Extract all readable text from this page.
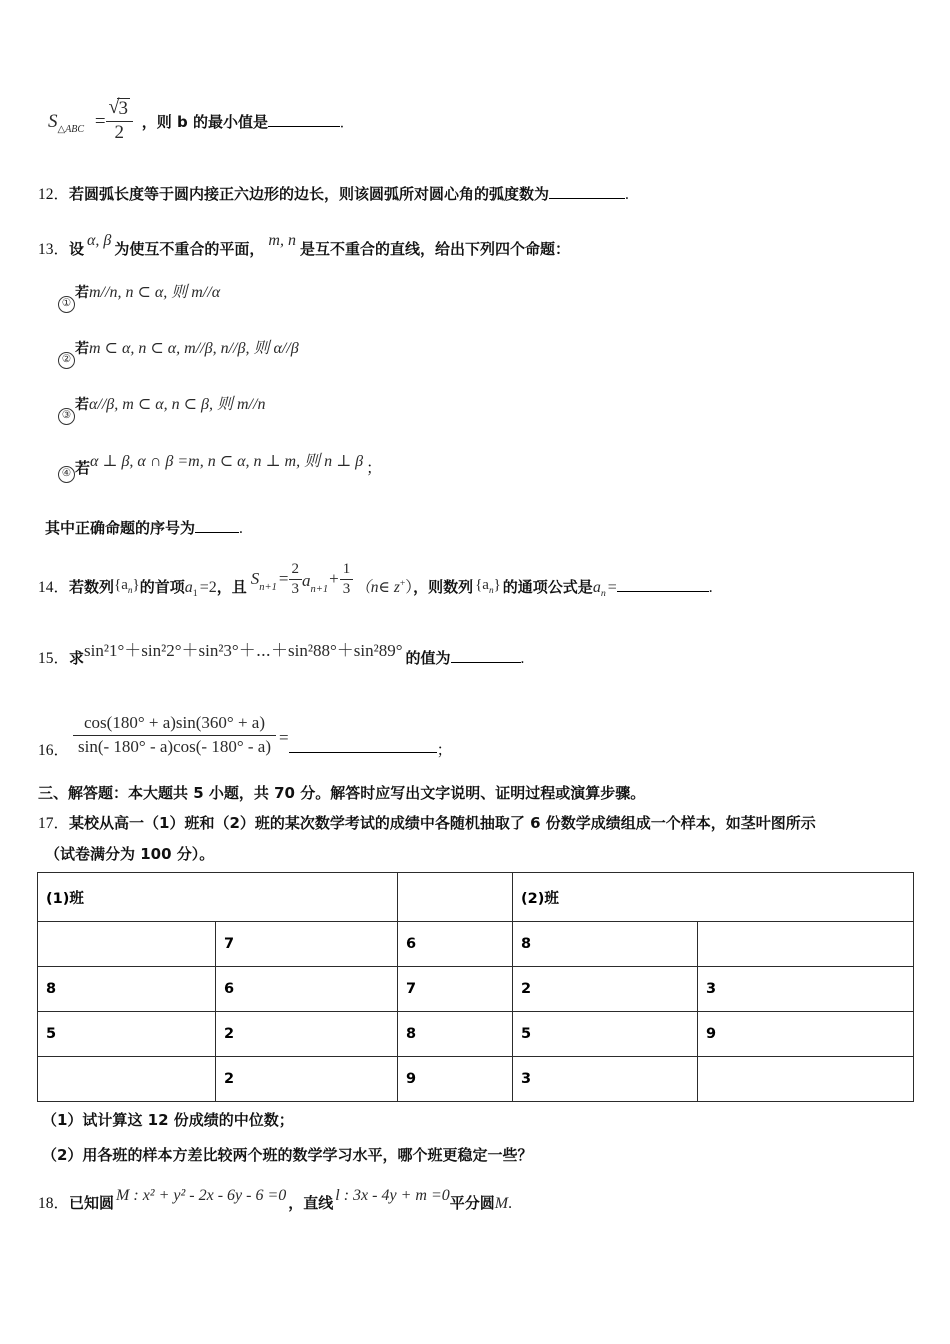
$S_{\triangle ABC}$ = √ $\frac{3}{2}$ ，则 b 的最小值是	.
12．若圆弧长度等于圆内接正六边形的边长，则该圆弧所对圆心角的弧度数为	.
13．设 α, β 为使互不重合的平面， m, n 是互不重合的直线，给出下列四个命题：
①若m//n, n ⊂ α, 则 m//α
②若m ⊂ α, n ⊂ α, m//β, n//β, 则 α//β
③若α//β, m ⊂ α, n ⊂ β, 则 m//n
④ 若α ⊥ β, α ∩ β =m, n ⊂ α, n ⊥ m, 则 n ⊥ β ；
其中正确命题的序号为	.
14．若数列$\{a_n\}$的首项$a_1 =2$，且 $S_{n+1} = \frac{2}{3} a_{n+1}+ \frac{1}{3}$ （n∈ z+），则数列 $\{a_n\}$ 的通项公式是$a_n$ =	.
15．求sin²1°＋sin²2°＋sin²3°＋⋯＋sin²88°＋sin²89° 的值为	.
16． $\frac{\cos(180^\circ + a)\sin(360^\circ + a)}{\sin(- 180^\circ - a)\cos(- 180^\circ - a)}$ =；
三、解答题：本大题共 5 小题，共 70 分。解答时应写出文字说明、证明过程或演算步骤。
17．某校从高一（1）班和（2）班的某次数学考试的成绩中各随机抽取了 6 份数学成绩组成一个样本，如茎叶图所示
（试卷满分为 100 分）。
(1)班			(2)班	
	7	6	8	
8	6	7	2	3
5	2	8	5	9
	2	9	3	
（1）试计算这 12 份成绩的中位数；
（2）用各班的样本方差比较两个班的数学学习水平，哪个班更稳定一些？
18．已知圆 M : x² + y² - 2x - 6y - 6 =0 ，直线 l : 3x - 4y + m =0平分圆M.
